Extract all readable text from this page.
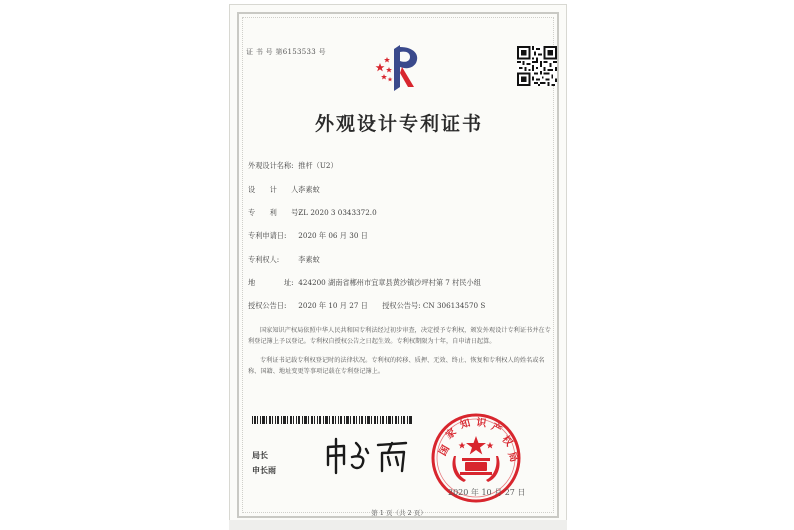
证 书 号 第6153533 号
外观设计专利证书
外观设计名称: 推杆（U2）
设　　计　　人: 李素蚊
专　　利　　号: ZL 2020 3 0343372.0
专利申请日: 2020 年 06 月 30 日
专利权人:	李素蚊
地　　　　址: 424200 湖南省郴州市宜章县黄沙镇沙坪村第 7 村民小组
授权公告日: 2020 年 10 月 27 日　　授权公告号: CN 306134570 S
国家知识产权局依照中华人民共和国专利法经过初步审查，决定授予专利权，颁发外观设计专利证书并在专利登记簿上予以登记。专利权自授权公告之日起生效。专利权期限为十年，自申请日起算。
专利证书记载专利权登记时的法律状况。专利权的转移、质押、无效、终止、恢复和专利权人的姓名或名称、国籍、地址变更等事项记载在专利登记簿上。
局长
申长雨
国
家
知 识 产
权
局
2020 年 10 月 27 日
第 1 页（共 2 页）
